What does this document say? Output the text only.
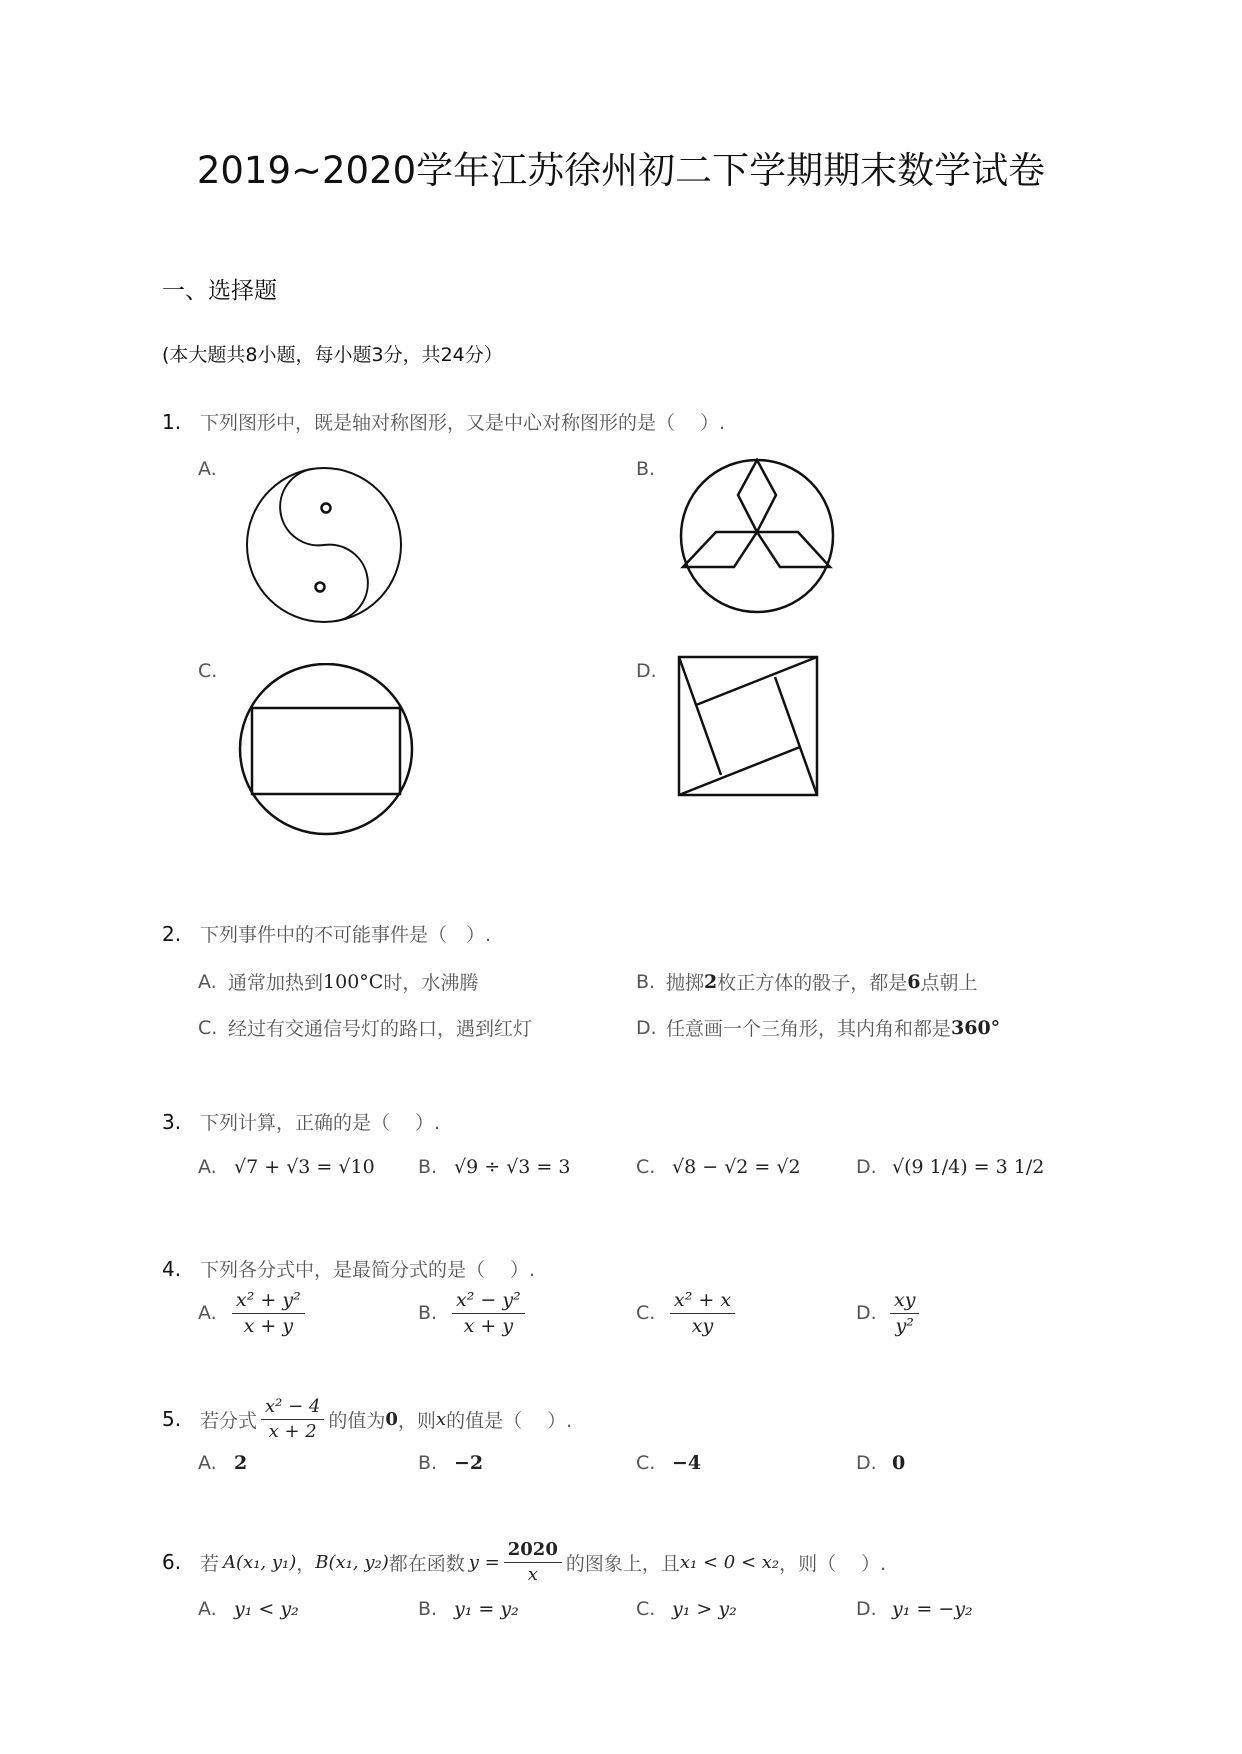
2019~2020学年江苏徐州初二下学期期末数学试卷
一、选择题
(本大题共8小题，每小题3分，共24分）
1. 下列图形中，既是轴对称图形，又是中心对称图形的是（　 ）.
A.	B.
C.	D.
2. 下列事件中的不可能事件是（　）.
A. 通常加热到 100°C 时，水沸腾	B. 抛掷 2 枚正方体的骰子，都是 6 点朝上
C. 经过有交通信号灯的路口，遇到红灯	D. 任意画一个三角形，其内角和都是 360°
3. 下列计算，正确的是（　 ）.
A. √7 + √3 = √10 B. √9 ÷ √3 = 3	C. √8 − √2 = √2	D. √(9 1/4) = 3 1/2
4. 下列各分式中，是最简分式的是（　 ）.
A. $\frac{\text{x² + y²}}{x + y}$	B. $\frac{\text{x² − y²}}{x + y}$	C. $\frac{\text{x² + x}}{xy}$	D. $\frac{xy}{\text{y²}}$
5. 若分式 $\frac{\text{x² − 4}}{x + 2}$ 的值为 0 ，则 x 的值是（　 ）.
A. 2	B. −2	C. −4	D. 0
6. 若 A(x₁, y₁) ， B(x₁, y₂) 都在函数 $y = \frac{2020}{x}$ 的图象上，且 x₁ < 0 < x₂ ，则（　 ）.
A. y₁ < y₂	B. y₁ = y₂	C. y₁ > y₂	D. y₁ = −y₂
